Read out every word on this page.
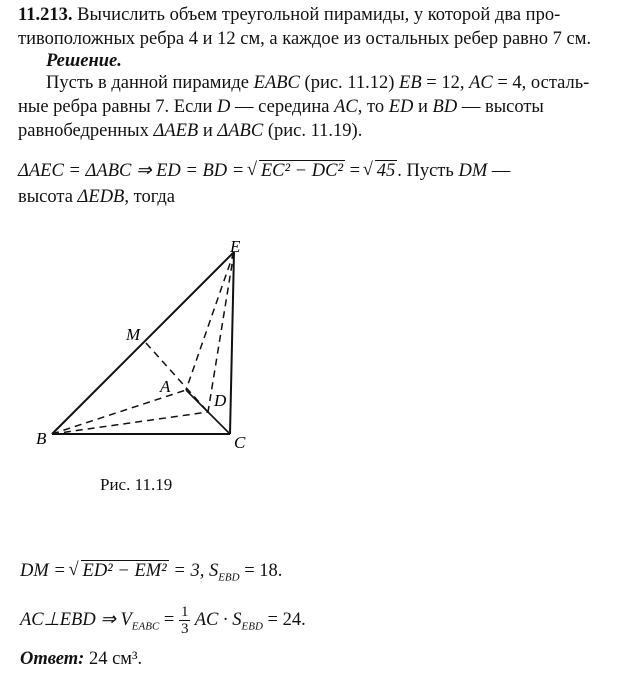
11.213. Вычислить объем треугольной пирамиды, у которой два про-
тивоположных ребра 4 и 12 см, а каждое из остальных ребер равно 7 см.
Решение.
Пусть в данной пирамиде EABC (рис. 11.12) EB = 12, AC = 4, осталь-
ные ребра равны 7. Если D — середина AC, то ED и BD — высоты
равнобедренных ΔAEB и ΔABC (рис. 11.19).
ΔAEC = ΔABC ⇒ ED = BD = √ EC² − DC² = √ 45 . Пусть DM —
высота ΔEDB, тогда
E
M
A
D
B	C
Рис. 11.19
DM = √ ED² − EM² = 3, $S_{EBD} = 18$.
AC⊥EBD ⇒ $V_{EABC} = \frac{1}{3}$ AC · $S_{EBD} = 24$.
Ответ: 24 см³.
